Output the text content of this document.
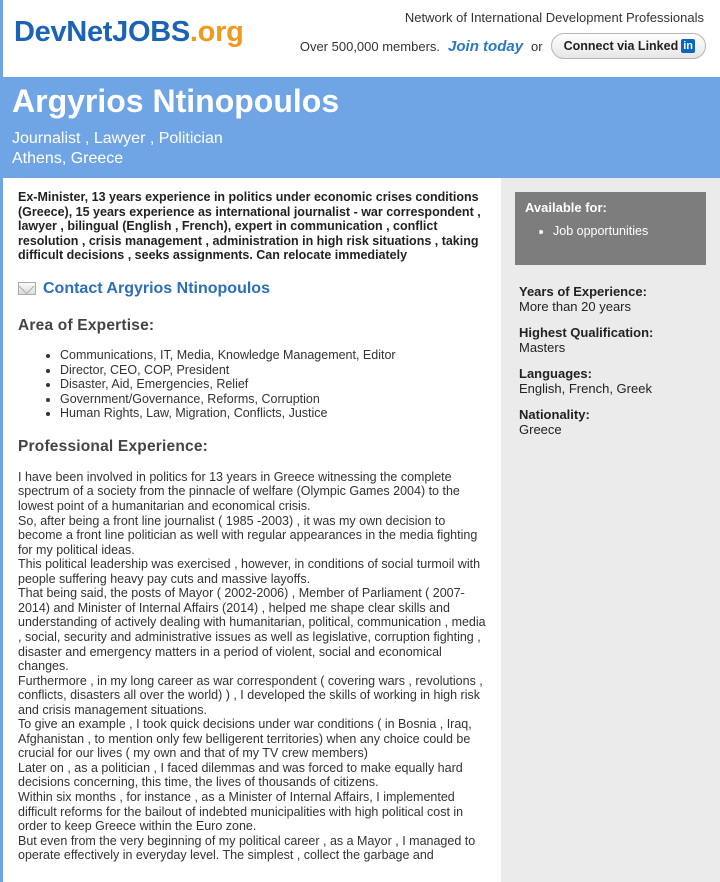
DevNetJOBS.org	Network of International Development Professionals
Over 500,000 members. Join today or Connect via Linked in
Argyrios Ntinopoulos
Journalist , Lawyer , Politician
Athens, Greece
Ex-Minister, 13 years experience in politics under economic crises conditions (Greece), 15 years experience as international journalist - war correspondent , lawyer , bilingual (English , French), expert in communication , conflict resolution , crisis management , administration in high risk situations , taking difficult decisions , seeks assignments. Can relocate immediately
Contact Argyrios Ntinopoulos
Area of Expertise:
• Communications, IT, Media, Knowledge Management, Editor
• Director, CEO, COP, President
• Disaster, Aid, Emergencies, Relief
• Government/Governance, Reforms, Corruption
• Human Rights, Law, Migration, Conflicts, Justice
Professional Experience:

I have been involved in politics for 13 years in Greece witnessing the complete spectrum of a society from the pinnacle of welfare (Olympic Games 2004) to the lowest point of a humanitarian and economical crisis.

So, after being a front line journalist ( 1985 -2003) , it was my own decision to become a front line politician as well with regular appearances in the media fighting for my political ideas.

This political leadership was exercised , however, in conditions of social turmoil with people suffering heavy pay cuts and massive layoffs.

That being said, the posts of Mayor ( 2002-2006) , Member of Parliament ( 2007-2014) and Minister of Internal Affairs (2014) , helped me shape clear skills and understanding of actively dealing with humanitarian, political, communication , media , social, security and administrative issues as well as legislative, corruption fighting , disaster and emergency matters in a period of violent, social and economical changes.

Furthermore , in my long career as war correspondent ( covering wars , revolutions , conflicts, disasters all over the world) ) , I developed the skills of working in high risk and crisis management situations.

To give an example , I took quick decisions under war conditions ( in Bosnia , Iraq, Afghanistan , to mention only few belligerent territories) when any choice could be crucial for our lives ( my own and that of my TV crew members)

Later on , as a politician , I faced dilemmas and was forced to make equally hard decisions concerning, this time, the lives of thousands of citizens.

Within six months , for instance , as a Minister of Internal Affairs, I implemented difficult reforms for the bailout of indebted municipalities with high political cost in order to keep Greece within the Euro zone.

But even from the very beginning of my political career , as a Mayor , I managed to operate effectively in everyday level. The simplest , collect the garbage and

Available for:
• Job opportunities
Years of Experience:
More than 20 years
Highest Qualification:
Masters
Languages:
English, French, Greek
Nationality:
Greece
